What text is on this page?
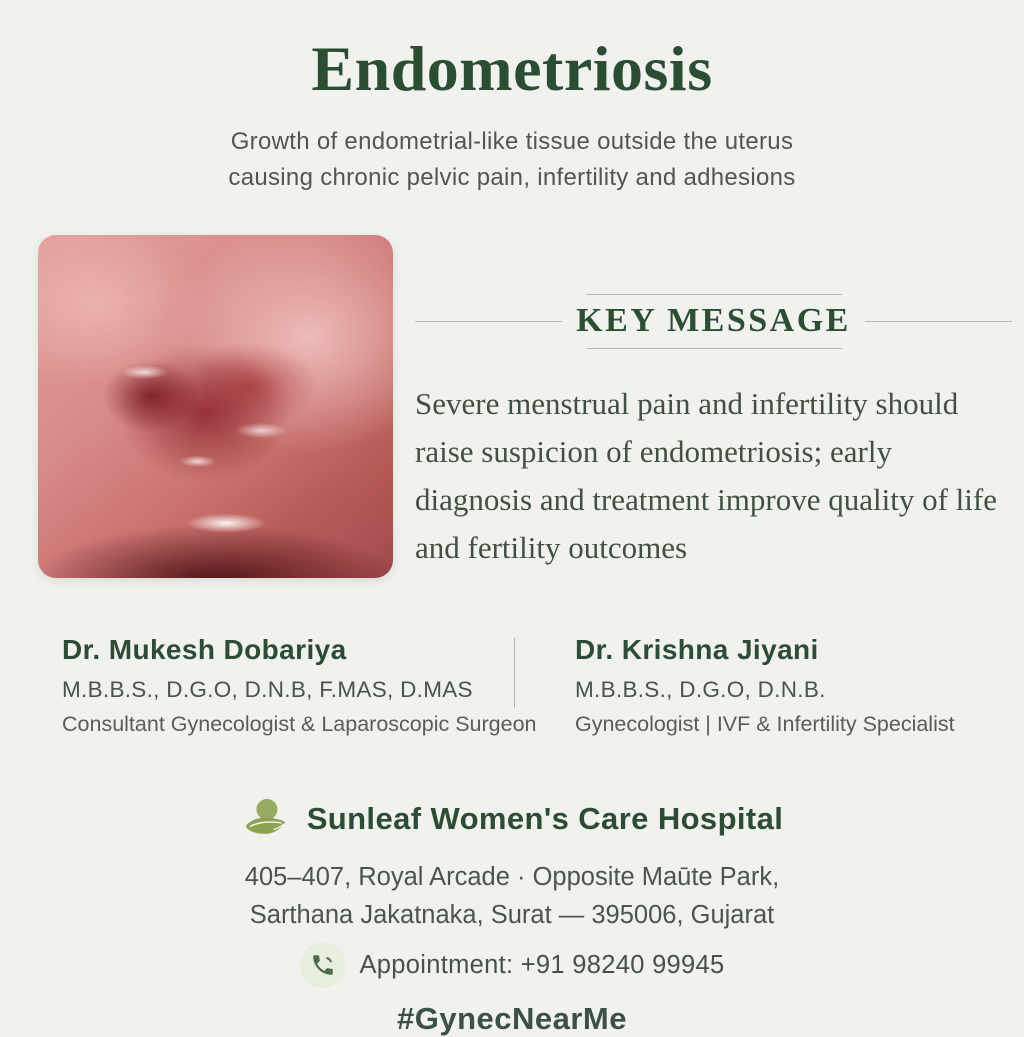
Endometriosis
Growth of endometrial-like tissue outside the uterus
causing chronic pelvic pain, infertility and adhesions
KEY MESSAGE
Severe menstrual pain and infertility should raise suspicion of endometriosis; early diagnosis and treatment improve quality of life and fertility outcomes
Dr. Mukesh Dobariya
M.B.B.S., D.G.O, D.N.B, F.MAS, D.MAS
Consultant Gynecologist & Laparoscopic Surgeon
Dr. Krishna Jiyani
M.B.B.S., D.G.O, D.N.B.
Gynecologist | IVF & Infertility Specialist
Sunleaf Women's Care Hospital
405–407, Royal Arcade · Opposite Maūte Park,
Sarthana Jakatnaka, Surat — 395006, Gujarat
Appointment: +91 98240 99945
#GynecNearMe
